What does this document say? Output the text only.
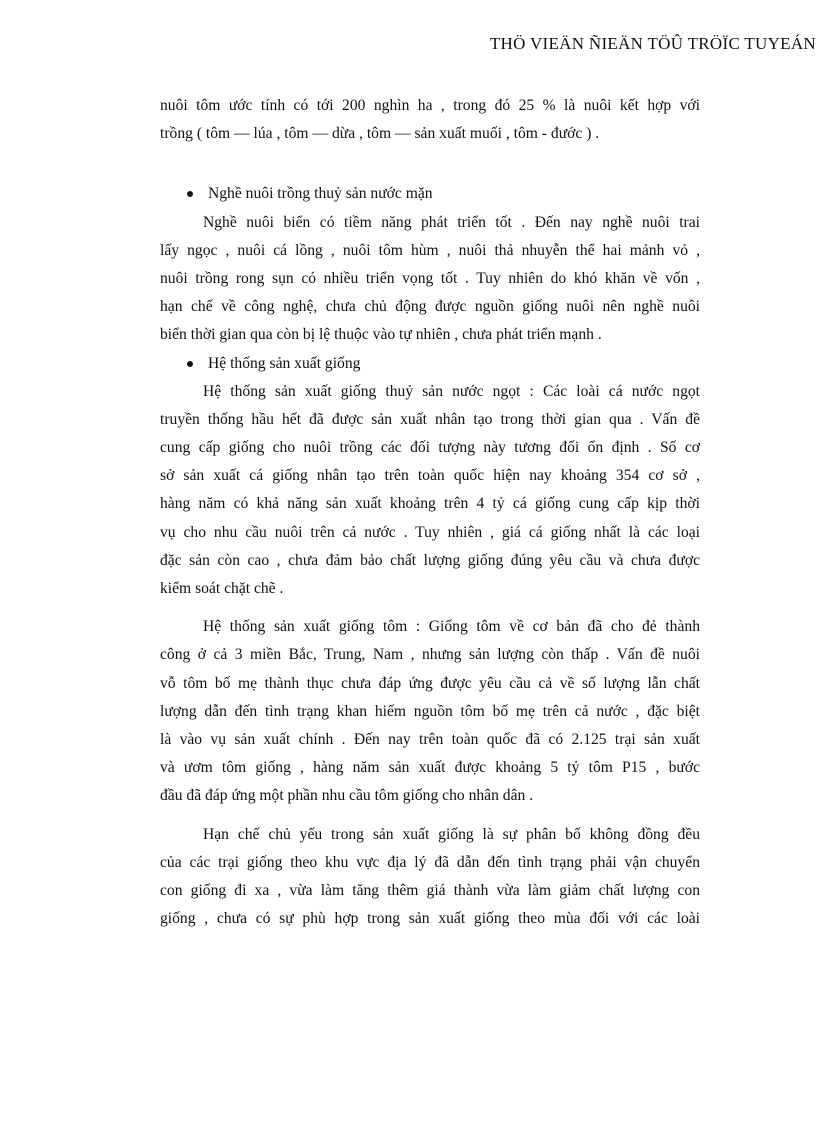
THÖ VIEÄN ÑIEÄN TÖÛ TRÖÏC TUYEÁN
nuôi tôm ước tính có tới 200 nghìn ha , trong đó 25 % là nuôi kết hợp với
trồng ( tôm — lúa , tôm — dừa , tôm — sản xuất muối , tôm - đước ) .
Nghề nuôi trồng thuỷ sản nước mặn
Nghề nuôi biển có tiềm năng phát triển tốt . Đến nay nghề nuôi trai
lấy ngọc , nuôi cá lồng , nuôi tôm hùm , nuôi thả nhuyễn thể hai mảnh vỏ ,
nuôi trồng rong sụn có nhiều triển vọng tốt . Tuy nhiên do khó khăn về vốn ,
hạn chế về công nghệ, chưa chủ động được nguồn giống nuôi nên nghề nuôi
biển thời gian qua còn bị lệ thuộc vào tự nhiên , chưa phát triển mạnh .
Hệ thống sản xuất giống
Hệ thống sản xuất giống thuỷ sản nước ngọt : Các loài cá nước ngọt
truyền thống hầu hết đã được sản xuất nhân tạo trong thời gian qua . Vấn đề
cung cấp giống cho nuôi trồng các đối tượng này tương đối ổn định . Số cơ
sở sản xuất cá giống nhân tạo trên toàn quốc hiện nay khoảng 354 cơ sở ,
hàng năm có khả năng sản xuất khoảng trên 4 tỷ cá giống cung cấp kịp thời
vụ cho nhu cầu nuôi trên cả nước . Tuy nhiên , giá cá giống nhất là các loại
đặc sản còn cao , chưa đảm bảo chất lượng giống đúng yêu cầu và chưa được
kiểm soát chặt chẽ .
Hệ thống sản xuất giống tôm : Giống tôm về cơ bản đã cho đẻ thành
công ở cả 3 miền Bắc, Trung, Nam , nhưng sản lượng còn thấp . Vấn đề nuôi
vỗ tôm bố mẹ thành thục chưa đáp ứng được yêu cầu cả về số lượng lẫn chất
lượng dẫn đến tình trạng khan hiếm nguồn tôm bố mẹ trên cả nước , đặc biệt
là vào vụ sản xuất chính . Đến nay trên toàn quốc đã có 2.125 trại sản xuất
và ươm tôm giống , hàng năm sản xuất được khoảng 5 tỷ tôm P15 , bước
đầu đã đáp ứng một phần nhu cầu tôm giống cho nhân dân .
Hạn chế chủ yếu trong sản xuất giống là sự phân bố không đồng đều
của các trại giống theo khu vực địa lý đã dẫn đến tình trạng phải vận chuyển
con giống đi xa , vừa làm tăng thêm giá thành vừa làm giảm chất lượng con
giống , chưa có sự phù hợp trong sản xuất giống theo mùa đối với các loài
